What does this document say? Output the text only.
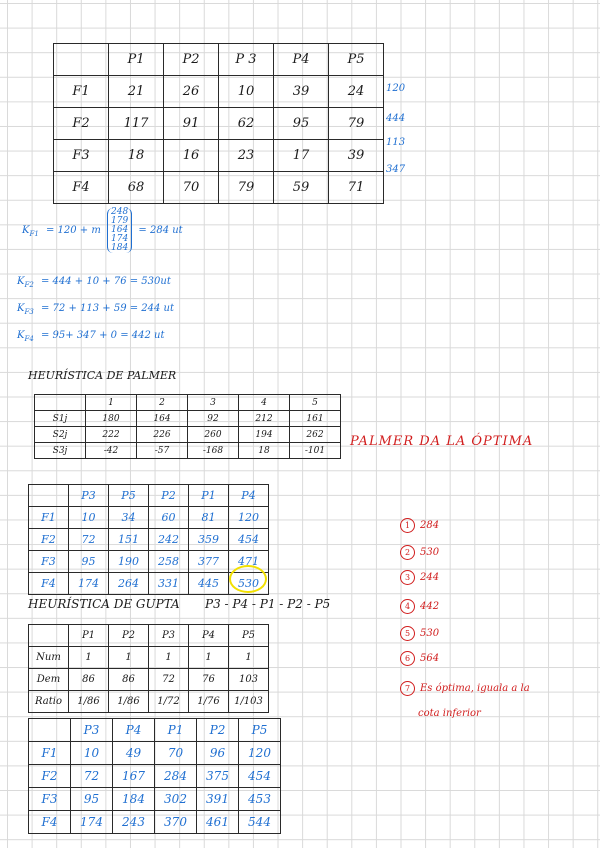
	P1	P2	P 3	P4	P5
F1	21	26	10	39	24
F2	117	91	62	95	79
F3	18	16	23	17	39
F4	68	70	79	59	71
120
444
113
347
$K_{F1} = 120 + m$
248
179
164
174
184
= 284 ut
$K_{F2} = 444 + 10 + 76 = 530ut$
$K_{F3} = 72 + 113 + 59 = 244$ ut
$K_{F4} = 95+ 347 + 0 = 442$ ut
HEURÍSTICA DE PALMER
	1	2	3	4	5
S1j	180	164	92	212	161
S2j	222	226	260	194	262
S3j	-42	-57	-168	18	-101
PALMER DA LA ÓPTIMA
	P3	P5	P2	P1	P4
F1	10	34	60	81	120
F2	72	151	242	359	454
F3	95	190	258	377	471
F4	174	264	331	445	530
HEURÍSTICA DE GUPTA P3 - P4 - P1 - P2 - P5
	P1	P2	P3	P4	P5
Num	1	1	1	1	1
Dem	86	86	72	76	103
Ratio	1/86	1/86	1/72	1/76	1/103
	P3	P4	P1	P2	P5
F1	10	49	70	96	120
F2	72	167	284	375	454
F3	95	184	302	391	453
F4	174	243	370	461	544
1 284
2 530
3 244
4 442
5 530
6 564
7 Es óptima, iguala a la
cota inferior
